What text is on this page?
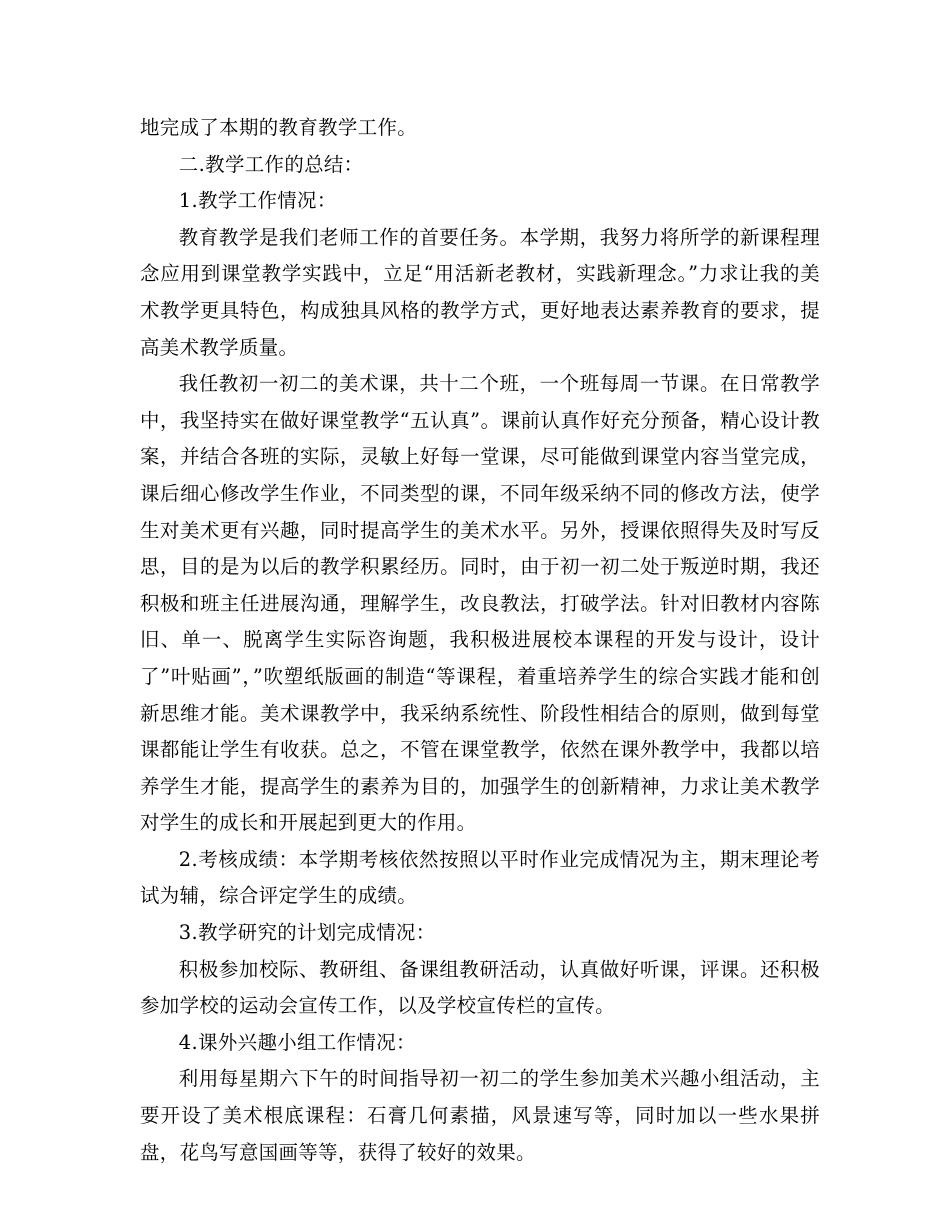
地完成了本期的教育教学工作。

二.教学工作的总结：

1.教学工作情况：

教育教学是我们老师工作的首要任务。本学期，我努力将所学的新课程理念应用到课堂教学实践中，立足“用活新老教材，实践新理念。”力求让我的美术教学更具特色，构成独具风格的教学方式，更好地表达素养教育的要求，提高美术教学质量。

我任教初一初二的美术课，共十二个班，一个班每周一节课。在日常教学中，我坚持实在做好课堂教学“五认真”。课前认真作好充分预备，精心设计教案，并结合各班的实际，灵敏上好每一堂课，尽可能做到课堂内容当堂完成，课后细心修改学生作业，不同类型的课，不同年级采纳不同的修改方法，使学生对美术更有兴趣，同时提高学生的美术水平。另外，授课依照得失及时写反思，目的是为以后的教学积累经历。同时，由于初一初二处于叛逆时期，我还积极和班主任进展沟通，理解学生，改良教法，打破学法。针对旧教材内容陈旧、单一、脱离学生实际咨询题，我积极进展校本课程的开发与设计，设计了”叶贴画”，”吹塑纸版画的制造“等课程，着重培养学生的综合实践才能和创新思维才能。美术课教学中，我采纳系统性、阶段性相结合的原则，做到每堂课都能让学生有收获。总之，不管在课堂教学，依然在课外教学中，我都以培养学生才能，提高学生的素养为目的，加强学生的创新精神，力求让美术教学对学生的成长和开展起到更大的作用。

2.考核成绩：本学期考核依然按照以平时作业完成情况为主，期末理论考试为辅，综合评定学生的成绩。

3.教学研究的计划完成情况：

积极参加校际、教研组、备课组教研活动，认真做好听课，评课。还积极参加学校的运动会宣传工作，以及学校宣传栏的宣传。

4.课外兴趣小组工作情况：

利用每星期六下午的时间指导初一初二的学生参加美术兴趣小组活动，主要开设了美术根底课程：石膏几何素描，风景速写等，同时加以一些水果拼盘，花鸟写意国画等等，获得了较好的效果。
